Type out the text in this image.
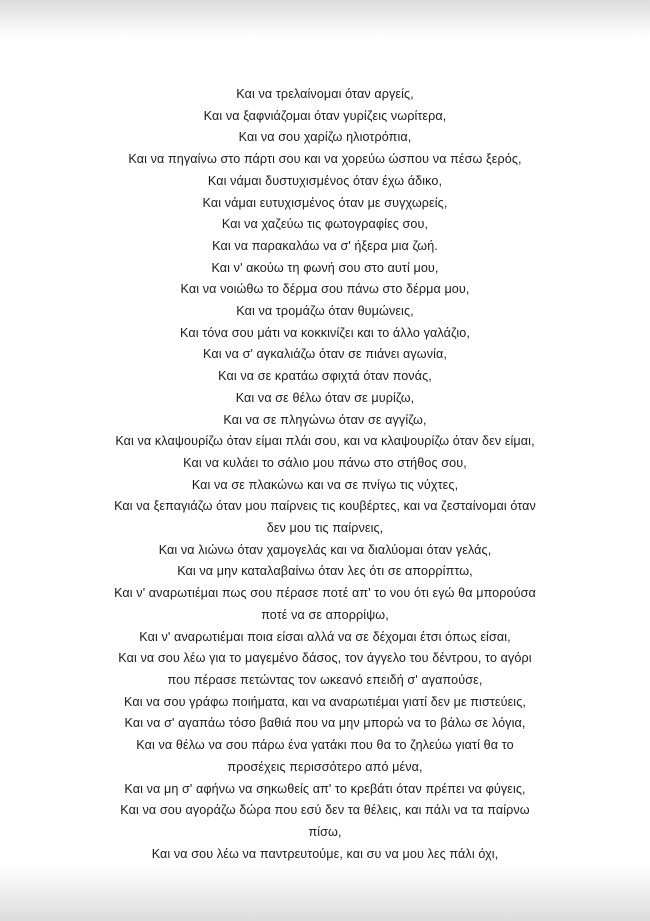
Και να τρελαίνομαι όταν αργείς,
Και να ξαφνιάζομαι όταν γυρίζεις νωρίτερα,
Και να σου χαρίζω ηλιοτρόπια,
Και να πηγαίνω στο πάρτι σου και να χορεύω ώσπου να πέσω ξερός,
Και νάμαι δυστυχισμένος όταν έχω άδικο,
Και νάμαι ευτυχισμένος όταν με συγχωρείς,
Και να χαζεύω τις φωτογραφίες σου,
Και να παρακαλάω να σ' ήξερα μια ζωή.
Και ν' ακούω τη φωνή σου στο αυτί μου,
Και να νοιώθω το δέρμα σου πάνω στο δέρμα μου,
Και να τρομάζω όταν θυμώνεις,
Και τόνα σου μάτι να κοκκινίζει και το άλλο γαλάζιο,
Και να σ' αγκαλιάζω όταν σε πιάνει αγωνία,
Και να σε κρατάω σφιχτά όταν πονάς,
Και να σε θέλω όταν σε μυρίζω,
Και να σε πληγώνω όταν σε αγγίζω,
Και να κλαψουρίζω όταν είμαι πλάι σου, και να κλαψουρίζω όταν δεν είμαι,
Και να κυλάει το σάλιο μου πάνω στο στήθος σου,
Και να σε πλακώνω και να σε πνίγω τις νύχτες,
Και να ξεπαγιάζω όταν μου παίρνεις τις κουβέρτες, και να ζεσταίνομαι όταν
δεν μου τις παίρνεις,
Και να λιώνω όταν χαμογελάς και να διαλύομαι όταν γελάς,
Και να μην καταλαβαίνω όταν λες ότι σε απορρίπτω,
Και ν' αναρωτιέμαι πως σου πέρασε ποτέ απ' το νου ότι εγώ θα μπορούσα
ποτέ να σε απορρίψω,
Και ν' αναρωτιέμαι ποια είσαι αλλά να σε δέχομαι έτσι όπως είσαι,
Και να σου λέω για το μαγεμένο δάσος, τον άγγελο του δέντρου, το αγόρι
που πέρασε πετώντας τον ωκεανό επειδή σ' αγαπούσε,
Και να σου γράφω ποιήματα, και να αναρωτιέμαι γιατί δεν με πιστεύεις,
Και να σ' αγαπάω τόσο βαθιά που να μην μπορώ να το βάλω σε λόγια,
Και να θέλω να σου πάρω ένα γατάκι που θα το ζηλεύω γιατί θα το
προσέχεις περισσότερο από μένα,
Και να μη σ' αφήνω να σηκωθείς απ' το κρεβάτι όταν πρέπει να φύγεις,
Και να σου αγοράζω δώρα που εσύ δεν τα θέλεις, και πάλι να τα παίρνω
πίσω,
Και να σου λέω να παντρευτούμε, και συ να μου λες πάλι όχι,
